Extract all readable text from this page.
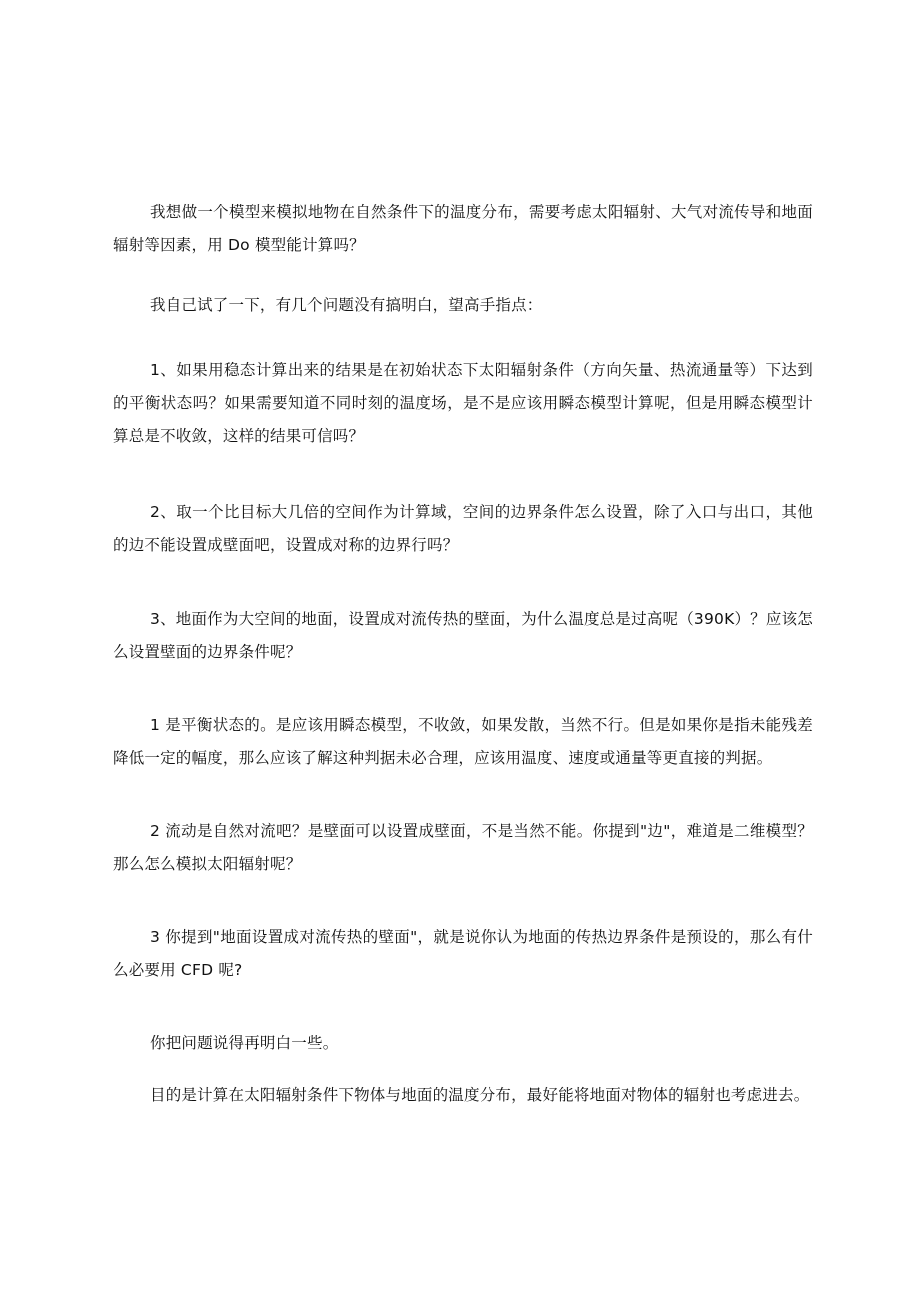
我想做一个模型来模拟地物在自然条件下的温度分布，需要考虑太阳辐射、大气对流传导和地面辐射等因素，用 Do 模型能计算吗？

我自己试了一下，有几个问题没有搞明白，望高手指点：

1、如果用稳态计算出来的结果是在初始状态下太阳辐射条件（方向矢量、热流通量等）下达到的平衡状态吗？如果需要知道不同时刻的温度场，是不是应该用瞬态模型计算呢，但是用瞬态模型计算总是不收敛，这样的结果可信吗？

2、取一个比目标大几倍的空间作为计算域，空间的边界条件怎么设置，除了入口与出口，其他的边不能设置成壁面吧，设置成对称的边界行吗？

3、地面作为大空间的地面，设置成对流传热的壁面，为什么温度总是过高呢（390K）？应该怎么设置壁面的边界条件呢？

1 是平衡状态的。是应该用瞬态模型，不收敛，如果发散，当然不行。但是如果你是指未能残差降低一定的幅度，那么应该了解这种判据未必合理，应该用温度、速度或通量等更直接的判据。

2 流动是自然对流吧？是壁面可以设置成壁面，不是当然不能。你提到"边"，难道是二维模型？那么怎么模拟太阳辐射呢？

3 你提到"地面设置成对流传热的壁面"，就是说你认为地面的传热边界条件是预设的，那么有什么必要用 CFD 呢?

你把问题说得再明白一些。

目的是计算在太阳辐射条件下物体与地面的温度分布，最好能将地面对物体的辐射也考虑进去。
